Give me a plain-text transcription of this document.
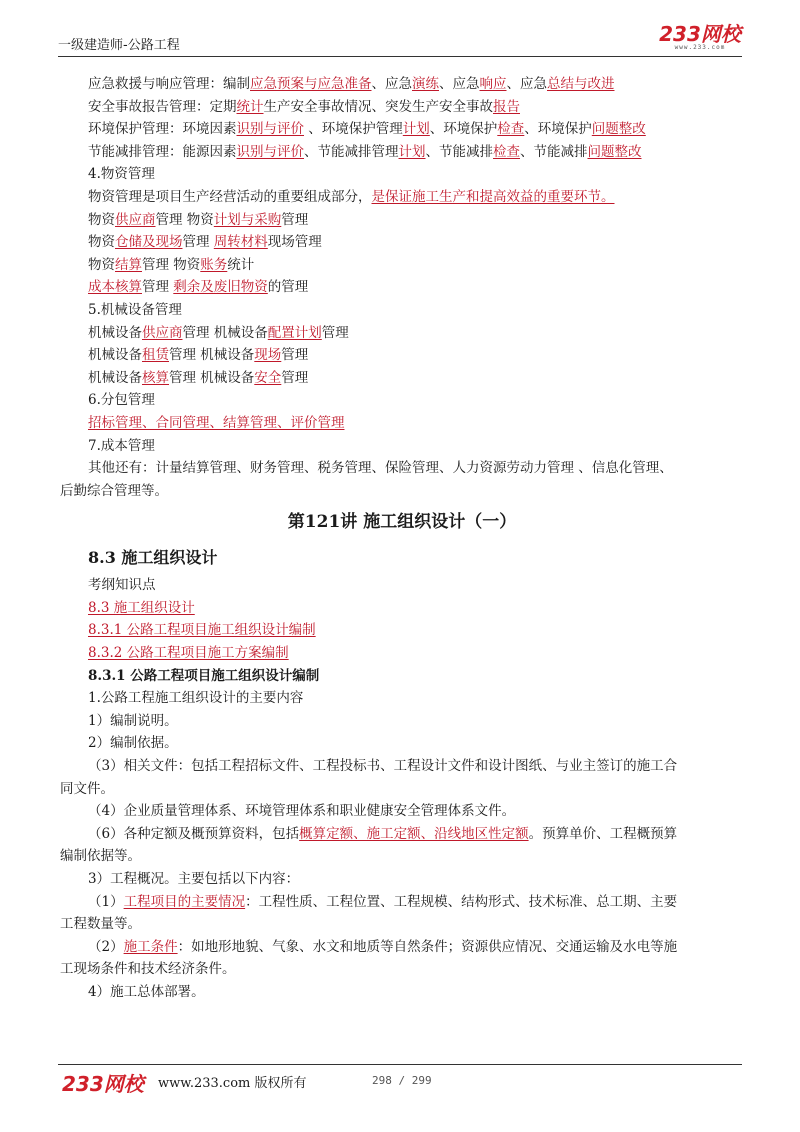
一级建造师-公路工程	233网校
www.233.com
应急救援与响应管理：编制应急预案与应急准备、应急演练、应急响应、应急总结与改进
安全事故报告管理：定期统计生产安全事故情况、突发生产安全事故报告
环境保护管理：环境因素识别与评价 、环境保护管理计划、环境保护检查、环境保护问题整改
节能减排管理：能源因素识别与评价、节能减排管理计划、节能减排检查、节能减排问题整改
4.物资管理
物资管理是项目生产经营活动的重要组成部分，是保证施工生产和提高效益的重要环节。
物资供应商管理 物资计划与采购管理
物资仓储及现场管理 周转材料现场管理
物资结算管理 物资账务统计
成本核算管理 剩余及废旧物资的管理
5.机械设备管理
机械设备供应商管理 机械设备配置计划管理
机械设备租赁管理 机械设备现场管理
机械设备核算管理 机械设备安全管理
6.分包管理
招标管理、合同管理、结算管理、评价管理
7.成本管理
其他还有：计量结算管理、财务管理、税务管理、保险管理、人力资源劳动力管理 、信息化管理、
后勤综合管理等。
第121讲 施工组织设计（一）
8.3 施工组织设计
考纲知识点
8.3 施工组织设计
8.3.1 公路工程项目施工组织设计编制
8.3.2 公路工程项目施工方案编制
8.3.1 公路工程项目施工组织设计编制
1.公路工程施工组织设计的主要内容
1）编制说明。
2）编制依据。
（3）相关文件：包括工程招标文件、工程投标书、工程设计文件和设计图纸、与业主签订的施工合
同文件。
（4）企业质量管理体系、环境管理体系和职业健康安全管理体系文件。
（6）各种定额及概预算资料，包括概算定额、施工定额、沿线地区性定额。预算单价、工程概预算
编制依据等。
3）工程概况。主要包括以下内容：
（1）工程项目的主要情况：工程性质、工程位置、工程规模、结构形式、技术标准、总工期、主要
工程数量等。
（2）施工条件：如地形地貌、气象、水文和地质等自然条件；资源供应情况、交通运输及水电等施
工现场条件和技术经济条件。
4）施工总体部署。
233网校 www.233.com 版权所有	298 / 299
